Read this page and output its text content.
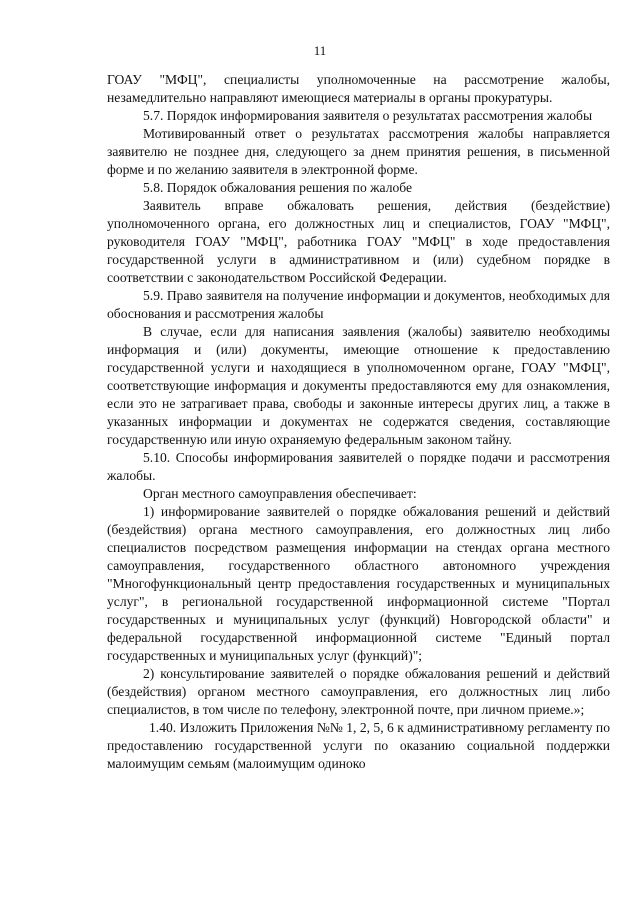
11

ГОАУ "МФЦ", специалисты уполномоченные на рассмотрение жалобы, незамедлительно направляют имеющиеся материалы в органы прокуратуры.

5.7. Порядок информирования заявителя о результатах рассмотрения жалобы

Мотивированный ответ о результатах рассмотрения жалобы направляется заявителю не позднее дня, следующего за днем принятия решения, в письменной форме и по желанию заявителя в электронной форме.

5.8. Порядок обжалования решения по жалобе

Заявитель вправе обжаловать решения, действия (бездействие) уполномоченного органа, его должностных лиц и специалистов, ГОАУ "МФЦ", руководителя ГОАУ "МФЦ", работника ГОАУ "МФЦ" в ходе предоставления государственной услуги в административном и (или) судебном порядке в соответствии с законодательством Российской Федерации.

5.9. Право заявителя на получение информации и документов, необходимых для обоснования и рассмотрения жалобы

В случае, если для написания заявления (жалобы) заявителю необходимы информация и (или) документы, имеющие отношение к предоставлению государственной услуги и находящиеся в уполномоченном органе, ГОАУ "МФЦ", соответствующие информация и документы предоставляются ему для ознакомления, если это не затрагивает права, свободы и законные интересы других лиц, а также в указанных информации и документах не содержатся сведения, составляющие государственную или иную охраняемую федеральным законом тайну.

5.10. Способы информирования заявителей о порядке подачи и рассмотрения жалобы.

Орган местного самоуправления обеспечивает:

1) информирование заявителей о порядке обжалования решений и действий (бездействия) органа местного самоуправления, его должностных лиц либо специалистов посредством размещения информации на стендах органа местного самоуправления, государственного областного автономного учреждения "Многофункциональный центр предоставления государственных и муниципальных услуг", в региональной государственной информационной системе "Портал государственных и муниципальных услуг (функций) Новгородской области" и федеральной государственной информационной системе "Единый портал государственных и муниципальных услуг (функций)";

2) консультирование заявителей о порядке обжалования решений и действий (бездействия) органом местного самоуправления, его должностных лиц либо специалистов, в том числе по телефону, электронной почте, при личном приеме.»;

1.40. Изложить Приложения №№ 1, 2, 5, 6 к административному регламенту по предоставлению государственной услуги по оказанию социальной поддержки малоимущим семьям (малоимущим одиноко
